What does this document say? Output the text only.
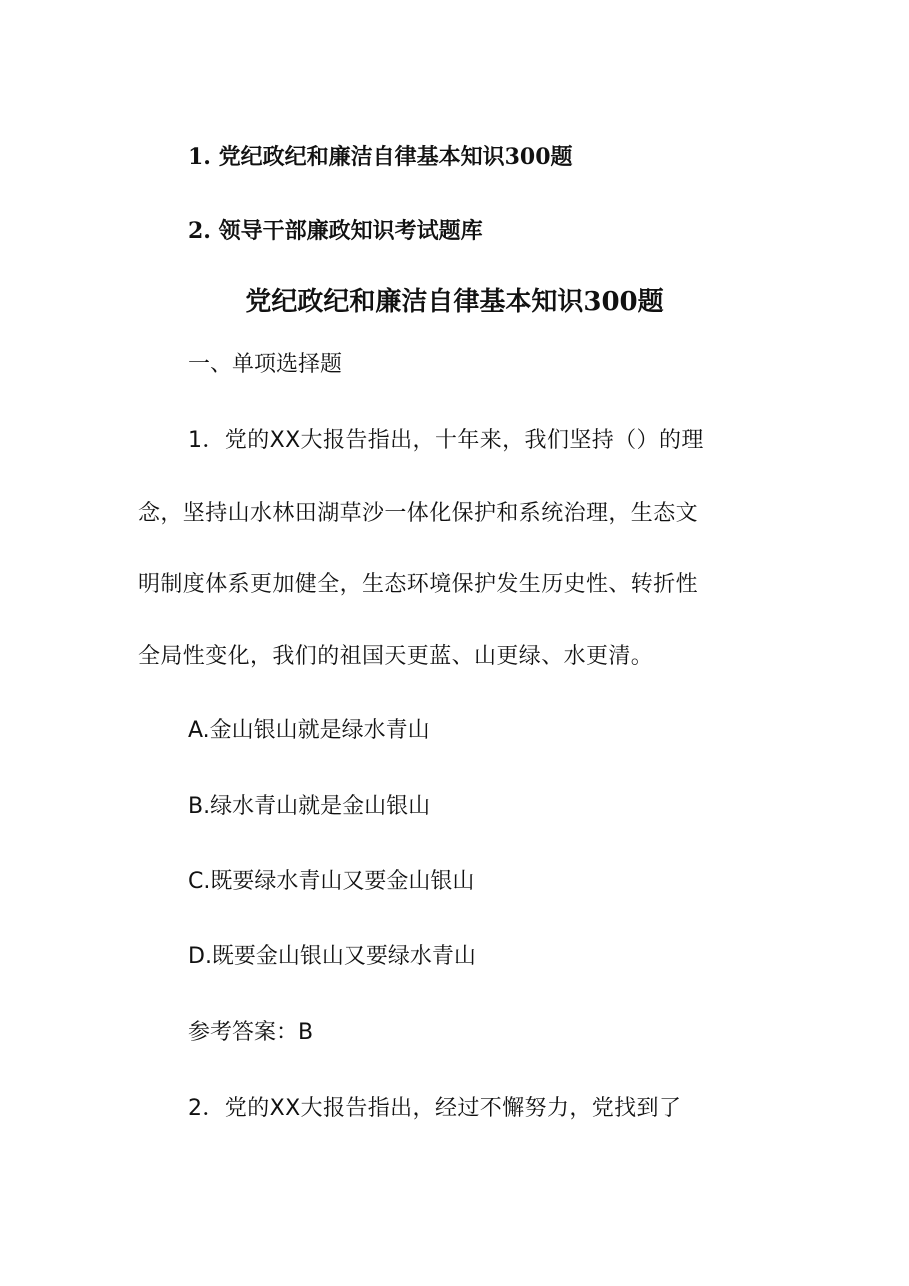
1. 党纪政纪和廉洁自律基本知识300题
2. 领导干部廉政知识考试题库
党纪政纪和廉洁自律基本知识300题
一、单项选择题
1．党的XX大报告指出，十年来，我们坚持（）的理
念，坚持山水林田湖草沙一体化保护和系统治理，生态文
明制度体系更加健全，生态环境保护发生历史性、转折性
全局性变化，我们的祖国天更蓝、山更绿、水更清。
A.金山银山就是绿水青山
B.绿水青山就是金山银山
C.既要绿水青山又要金山银山
D.既要金山银山又要绿水青山
参考答案：B
2．党的XX大报告指出，经过不懈努力，党找到了
